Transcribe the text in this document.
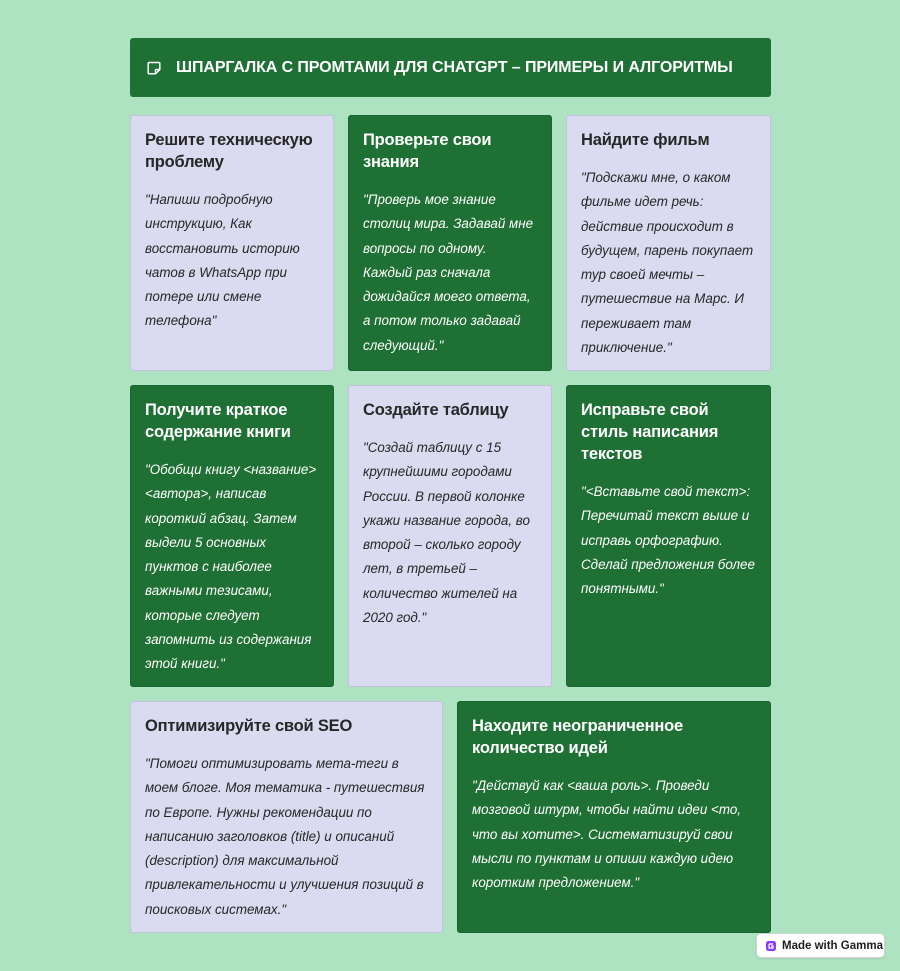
ШПАРГАЛКА С ПРОМТАМИ ДЛЯ CHATGPT – ПРИМЕРЫ И АЛГОРИТМЫ
Решите техническую проблему

"Напиши подробную инструкцию, Как восстановить историю чатов в WhatsApp при потере или смене телефона"

Проверьте свои знания

"Проверь мое знание столиц мира. Задавай мне вопросы по одному. Каждый раз сначала дожидайся моего ответа, а потом только задавай следующий."

Найдите фильм

"Подскажи мне, о каком фильме идет речь: действие происходит в будущем, парень покупает тур своей мечты – путешествие на Марс. И переживает там приключение."

Получите краткое содержание книги

"Обобщи книгу <название> <автора>, написав короткий абзац. Затем выдели 5 основных пунктов с наиболее важными тезисами, которые следует запомнить из содержания этой книги."

Создайте таблицу

"Создай таблицу с 15 крупнейшими городами России. В первой колонке укажи название города, во второй – сколько городу лет, в третьей – количество жителей на 2020 год."

Исправьте свой стиль написания текстов

"<Вставьте свой текст>: Перечитай текст выше и исправь орфографию. Сделай предложения более понятными."

Оптимизируйте свой SEO

"Помоги оптимизировать мета-теги в моем блоге. Моя тематика - путешествия по Европе. Нужны рекомендации по написанию заголовков (title) и описаний (description) для максимальной привлекательности и улучшения позиций в поисковых системах."

Находите неограниченное количество идей

"Действуй как <ваша роль>. Проведи мозговой штурм, чтобы найти идеи <то, что вы хотите>. Систематизируй свои мысли по пунктам и опиши каждую идею коротким предложением."

Made with Gamma
